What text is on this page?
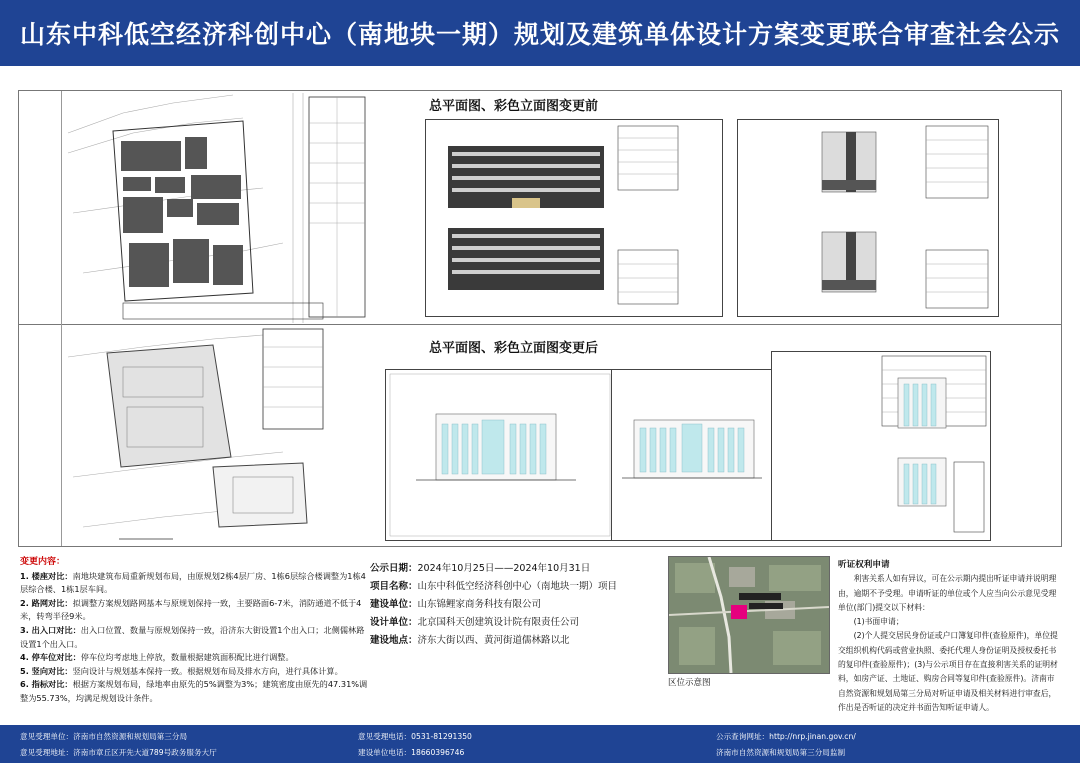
山东中科低空经济科创中心（南地块一期）规划及建筑单体设计方案变更联合审查社会公示
总平面图、彩色立面图变更前
总平面图、彩色立面图变更后
变更内容：
1. 楼座对比：南地块建筑布局重新规划布局，由原规划2栋4层厂房、1栋6层综合楼调整为1栋4层综合楼、1栋1层车间。
2. 路网对比：拟调整方案规划路网基本与原规划保持一致，主要路面6-7米，消防通道不低于4米，转弯半径9米。
3. 出入口对比：出入口位置、数量与原规划保持一致，沿济东大街设置1个出入口；北侧儒林路设置1个出入口。
4. 停车位对比：停车位均考虑地上停放，数量根据建筑面积配比进行调整。
5. 竖向对比：竖向设计与规划基本保持一致。根据规划布局及排水方向，进行具体计算。
6. 指标对比：根据方案规划布局，绿地率由原先的5%调整为3%；建筑密度由原先的47.31%调整为55.73%，均满足规划设计条件。
公示日期：2024年10月25日——2024年10月31日
项目名称：山东中科低空经济科创中心（南地块一期）项目
建设单位：山东锦鲤家商务科技有限公司
设计单位：北京国科天创建筑设计院有限责任公司
建设地点：济东大街以西、黄河街道儒林路以北
区位示意图
听证权利申请
利害关系人如有异议，可在公示期内提出听证申请并说明理由，逾期不予受理。申请听证的单位或个人应当向公示意见受理单位(部门)提交以下材料：
(1)书面申请；
(2)个人提交居民身份证或户口簿复印件(查验原件)，单位提交组织机构代码或营业执照、委托代理人身份证明及授权委托书的复印件(查验原件)；(3)与公示项目存在直接利害关系的证明材料，如房产证、土地证、购房合同等复印件(查验原件)。济南市自然资源和规划局第三分局对听证申请及相关材料进行审查后，作出是否听证的决定并书面告知听证申请人。
意见受理单位：济南市自然资源和规划局第三分局
意见受理地址：济南市章丘区开先大道789号政务服务大厅
意见受理电话：0531-81291350
建设单位电话：18660396746
公示查询网址：http://nrp.jinan.gov.cn/
济南市自然资源和规划局第三分局监制
